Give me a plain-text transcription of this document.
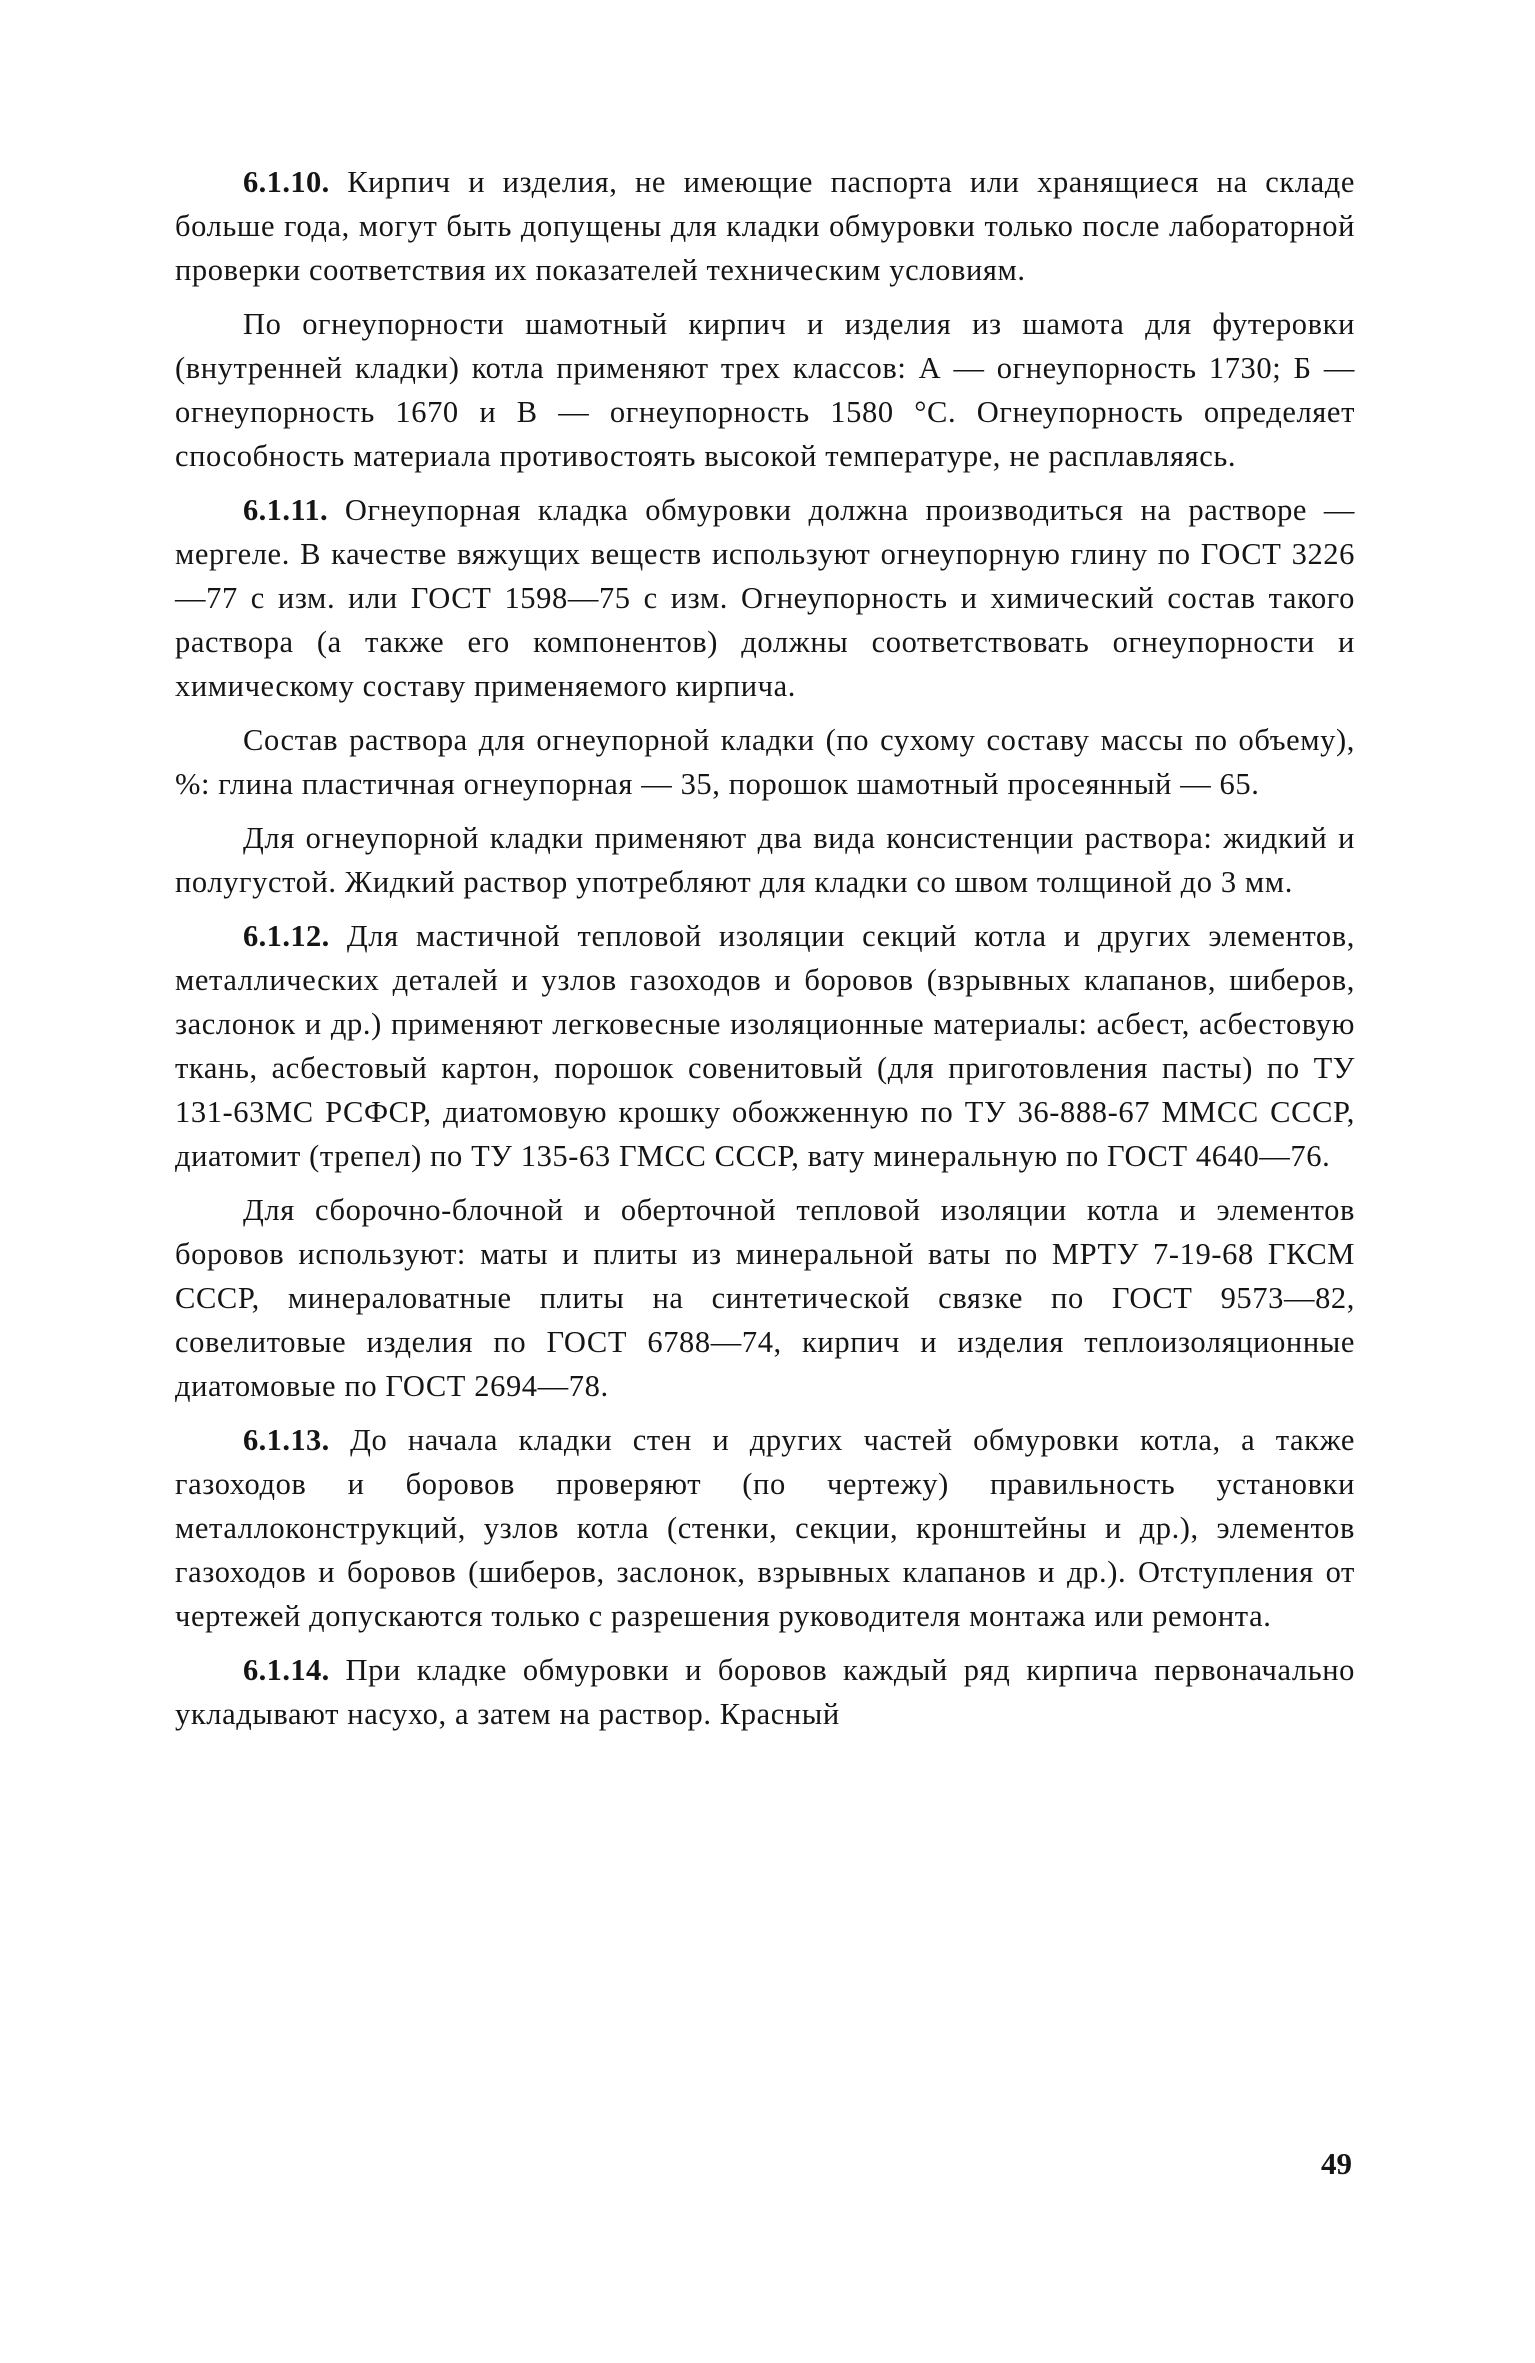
6.1.10. Кирпич и изделия, не имеющие паспорта или хранящиеся на складе больше года, могут быть допущены для кладки обмуровки только после лабораторной проверки соответствия их показателей техническим условиям.

По огнеупорности шамотный кирпич и изделия из шамота для футеровки (внутренней кладки) котла применяют трех классов: А — огнеупорность 1730; Б — огнеупорность 1670 и В — огнеупорность 1580 °С. Огнеупорность определяет способность материала противостоять высокой температуре, не расплавляясь.

6.1.11. Огнеупорная кладка обмуровки должна производиться на растворе — мергеле. В качестве вяжущих веществ используют огнеупорную глину по ГОСТ 3226—77 с изм. или ГОСТ 1598—75 с изм. Огнеупорность и химический состав такого раствора (а также его компонентов) должны соответствовать огнеупорности и химическому составу применяемого кирпича.

Состав раствора для огнеупорной кладки (по сухому составу массы по объему), %: глина пластичная огнеупорная — 35, порошок шамотный просеянный — 65.

Для огнеупорной кладки применяют два вида консистенции раствора: жидкий и полугустой. Жидкий раствор употребляют для кладки со швом толщиной до 3 мм.

6.1.12. Для мастичной тепловой изоляции секций котла и других элементов, металлических деталей и узлов газоходов и боровов (взрывных клапанов, шиберов, заслонок и др.) применяют легковесные изоляционные материалы: асбест, асбестовую ткань, асбестовый картон, порошок совенитовый (для приготовления пасты) по ТУ 131-63МС РСФСР, диатомовую крошку обожженную по ТУ 36-888-67 ММСС СССР, диатомит (трепел) по ТУ 135-63 ГМСС СССР, вату минеральную по ГОСТ 4640—76.

Для сборочно-блочной и оберточной тепловой изоляции котла и элементов боровов используют: маты и плиты из минеральной ваты по МРТУ 7-19-68 ГКСМ СССР, минераловатные плиты на синтетической связке по ГОСТ 9573—82, совелитовые изделия по ГОСТ 6788—74, кирпич и изделия теплоизоляционные диатомовые по ГОСТ 2694—78.

6.1.13. До начала кладки стен и других частей обмуровки котла, а также газоходов и боровов проверяют (по чертежу) правильность установки металлоконструкций, узлов котла (стенки, секции, кронштейны и др.), элементов газоходов и боровов (шиберов, заслонок, взрывных клапанов и др.). Отступления от чертежей допускаются только с разрешения руководителя монтажа или ремонта.

6.1.14. При кладке обмуровки и боровов каждый ряд кирпича первоначально укладывают насухо, а затем на раствор. Красный

49
